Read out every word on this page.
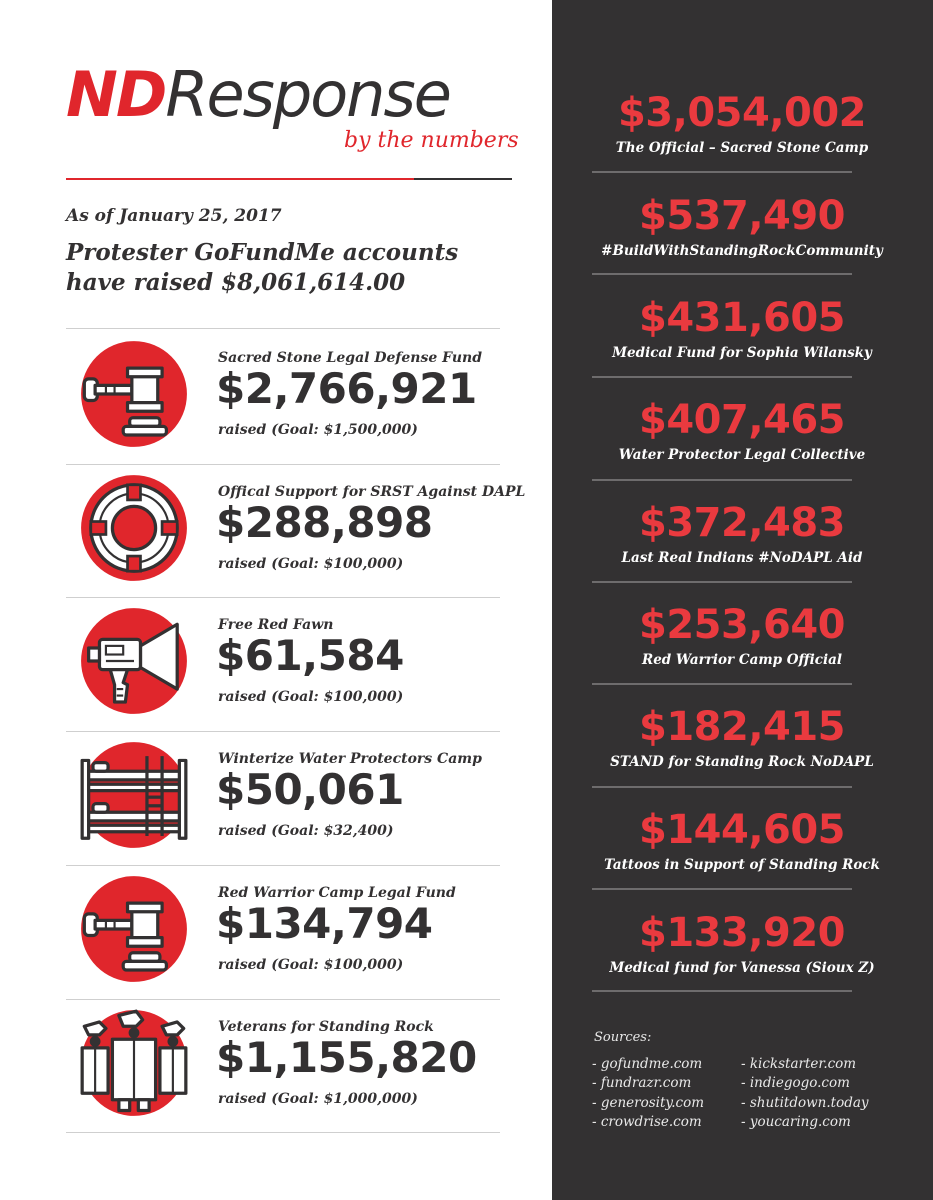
NDResponse
by the numbers
As of January 25, 2017
Protester GoFundMe accounts
have raised $8,061,614.00
Sacred Stone Legal Defense Fund
$2,766,921
raised (Goal: $1,500,000)
Offical Support for SRST Against DAPL
$288,898
raised (Goal: $100,000)
Free Red Fawn
$61,584
raised (Goal: $100,000)
Winterize Water Protectors Camp
$50,061
raised (Goal: $32,400)
Red Warrior Camp Legal Fund
$134,794
raised (Goal: $100,000)
Veterans for Standing Rock
$1,155,820
raised (Goal: $1,000,000)
$3,054,002
The Official – Sacred Stone Camp
$537,490
#BuildWithStandingRockCommunity
$431,605
Medical Fund for Sophia Wilansky
$407,465
Water Protector Legal Collective
$372,483
Last Real Indians #NoDAPL Aid
$253,640
Red Warrior Camp Official
$182,415
STAND for Standing Rock NoDAPL
$144,605
Tattoos in Support of Standing Rock
$133,920
Medical fund for Vanessa (Sioux Z)
Sources:
- gofundme.com
- fundrazr.com
- generosity.com
- crowdrise.com
- kickstarter.com
- indiegogo.com
- shutitdown.today
- youcaring.com
